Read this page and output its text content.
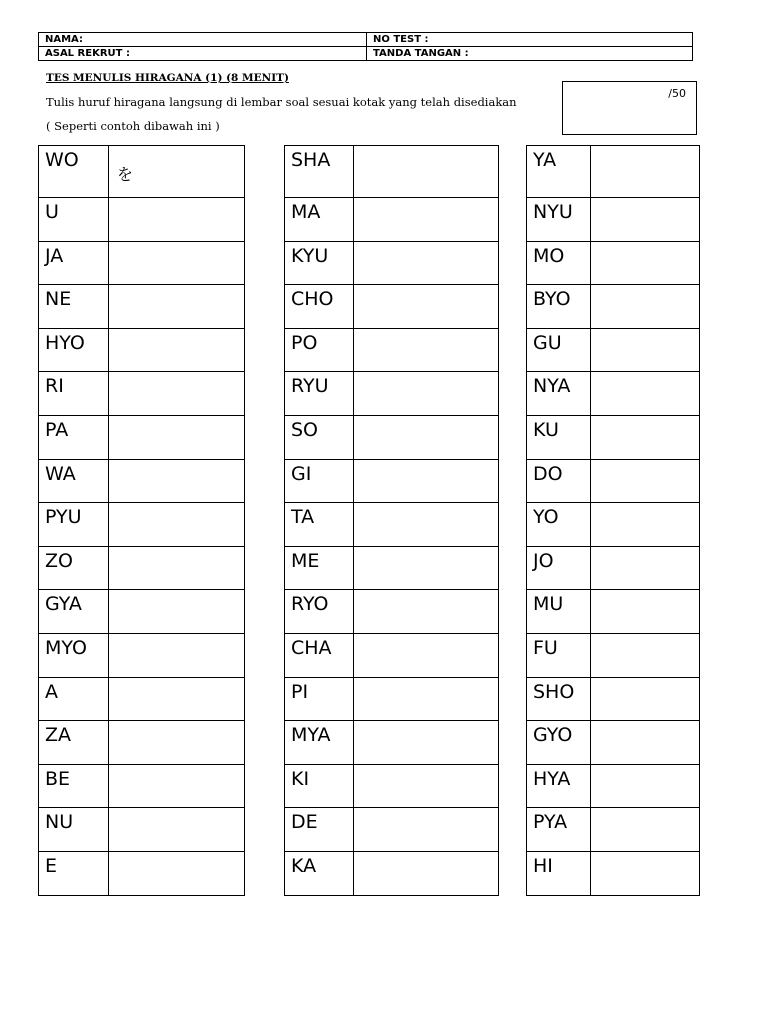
NAMA:	NO TEST :
ASAL REKRUT :	TANDA TANGAN :
TES MENULIS HIRAGANA (1) (8 MENIT)
Tulis huruf hiragana langsung di lembar soal sesuai kotak yang telah disediakan
( Seperti contoh dibawah ini )
/50
WO	を
U	
JA	
NE	
HYO	
RI	
PA	
WA	
PYU	
ZO	
GYA	
MYO	
A	
ZA	
BE	
NU	
E	
SHA	
MA	
KYU	
CHO	
PO	
RYU	
SO	
GI	
TA	
ME	
RYO	
CHA	
PI	
MYA	
KI	
DE	
KA	
YA	
NYU	
MO	
BYO	
GU	
NYA	
KU	
DO	
YO	
JO	
MU	
FU	
SHO	
GYO	
HYA	
PYA	
HI	
